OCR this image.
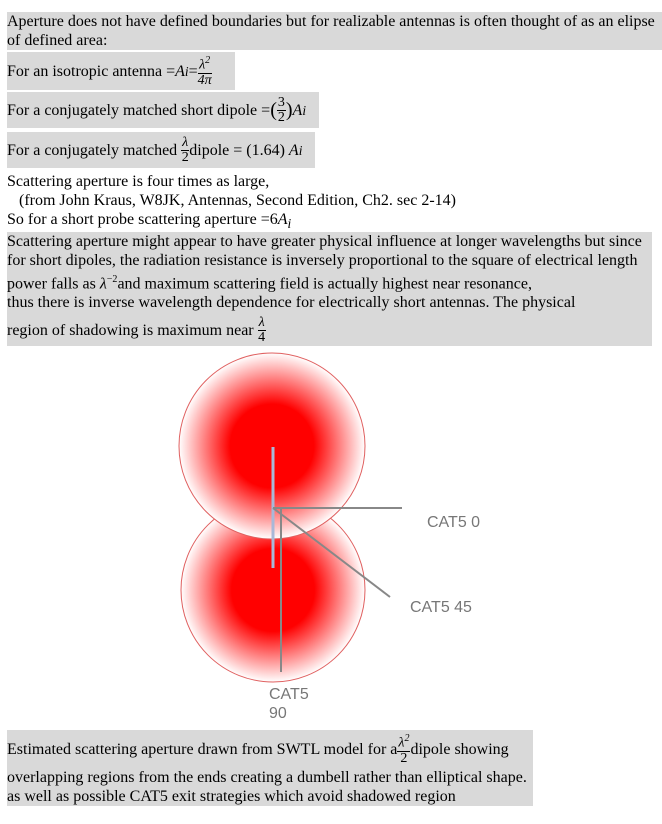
Aperture does not have defined boundaries but for realizable antennas is often thought of as an elipse
of defined area:
For an isotropic antenna = A $i = \frac{\lambda^2}{4\pi}$
For a conjugately matched short dipole = ( $\frac{3}{2}$ ) A i
For a conjugately matched
$\frac{\lambda}{2}$ dipole =
(1.64)
A i
Scattering aperture is four times as large,
(from John Kraus, W8JK, Antennas, Second Edition, Ch2. sec 2-14)
So for a short probe scattering aperture $=6A_i$
Scattering aperture might appear to have greater physical influence at longer wavelengths but since
for short dipoles, the radiation resistance is inversely proportional to the square of electrical length
power falls as $\lambda^{-2}and$ maximum scattering field is actually highest near resonance,
thus there is inverse wavelength dependence for electrically short antennas. The physical
region of shadowing is maximum near
$\frac{\lambda}{4}$
CAT5 0
CAT5 45
CAT5
90
Estimated scattering aperture drawn from SWTL model for a $\frac{\lambda^2}{2}$ dipole showing
overlapping regions from the ends creating a dumbell rather than elliptical shape.
as well as possible CAT5 exit strategies which avoid shadowed region
